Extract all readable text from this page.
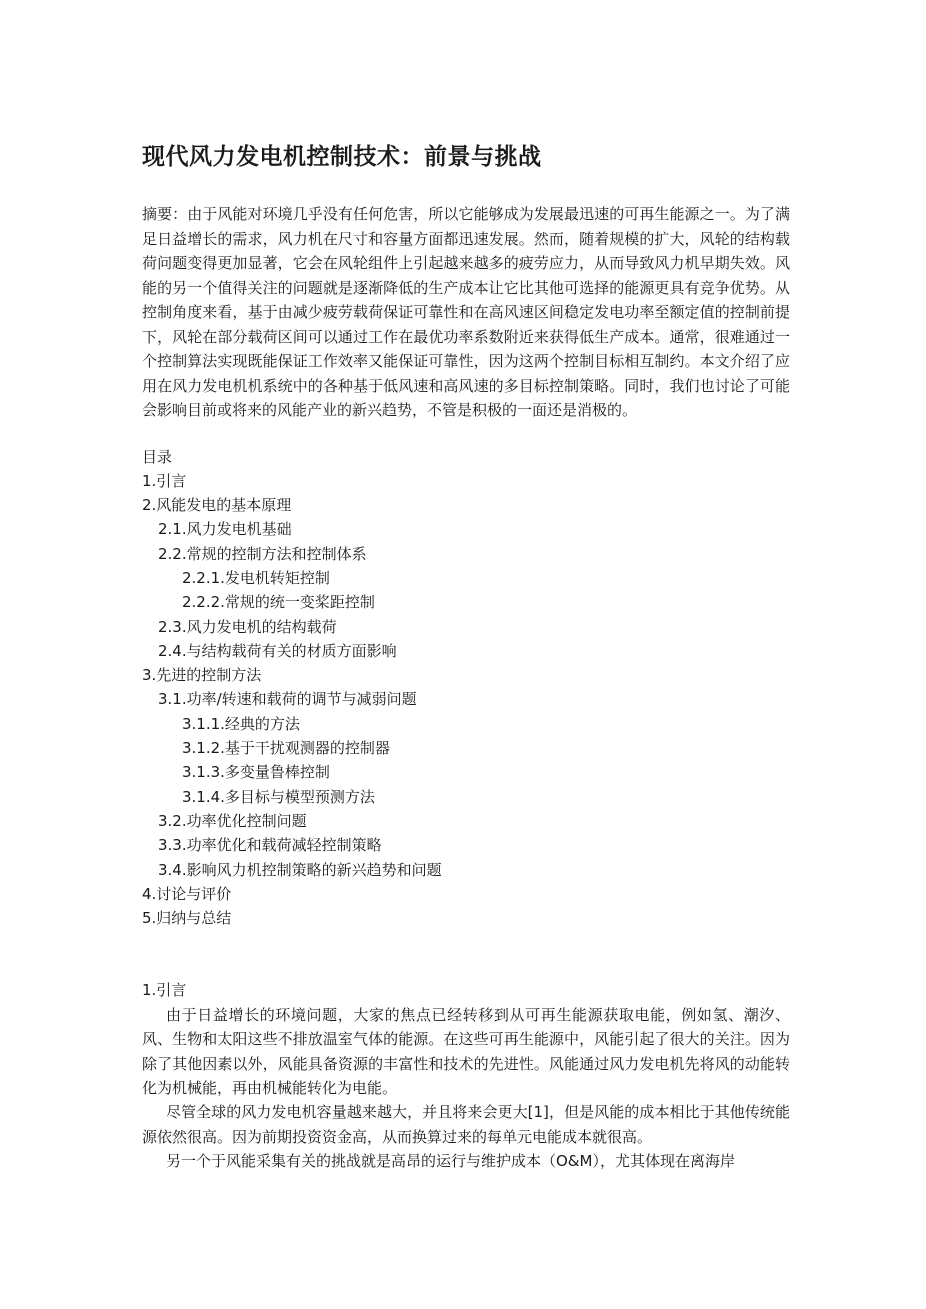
现代风力发电机控制技术：前景与挑战
摘要：由于风能对环境几乎没有任何危害，所以它能够成为发展最迅速的可再生能源之一。为了满足日益增长的需求，风力机在尺寸和容量方面都迅速发展。然而，随着规模的扩大，风轮的结构载荷问题变得更加显著，它会在风轮组件上引起越来越多的疲劳应力，从而导致风力机早期失效。风能的另一个值得关注的问题就是逐渐降低的生产成本让它比其他可选择的能源更具有竞争优势。从控制角度来看，基于由减少疲劳载荷保证可靠性和在高风速区间稳定发电功率至额定值的控制前提下，风轮在部分载荷区间可以通过工作在最优功率系数附近来获得低生产成本。通常，很难通过一个控制算法实现既能保证工作效率又能保证可靠性，因为这两个控制目标相互制约。本文介绍了应用在风力发电机机系统中的各种基于低风速和高风速的多目标控制策略。同时，我们也讨论了可能会影响目前或将来的风能产业的新兴趋势，不管是积极的一面还是消极的。
目录
1.引言
2.风能发电的基本原理
2.1.风力发电机基础
2.2.常规的控制方法和控制体系
2.2.1.发电机转矩控制
2.2.2.常规的统一变桨距控制
2.3.风力发电机的结构载荷
2.4.与结构载荷有关的材质方面影响
3.先进的控制方法
3.1.功率/转速和载荷的调节与减弱问题
3.1.1.经典的方法
3.1.2.基于干扰观测器的控制器
3.1.3.多变量鲁棒控制
3.1.4.多目标与模型预测方法
3.2.功率优化控制问题
3.3.功率优化和载荷减轻控制策略
3.4.影响风力机控制策略的新兴趋势和问题
4.讨论与评价
5.归纳与总结
1.引言

由于日益增长的环境问题，大家的焦点已经转移到从可再生能源获取电能，例如氢、潮汐、风、生物和太阳这些不排放温室气体的能源。在这些可再生能源中，风能引起了很大的关注。因为除了其他因素以外，风能具备资源的丰富性和技术的先进性。风能通过风力发电机先将风的动能转化为机械能，再由机械能转化为电能。

尽管全球的风力发电机容量越来越大，并且将来会更大[1]，但是风能的成本相比于其他传统能源依然很高。因为前期投资资金高，从而换算过来的每单元电能成本就很高。

另一个于风能采集有关的挑战就是高昂的运行与维护成本（O&M），尤其体现在离海岸
